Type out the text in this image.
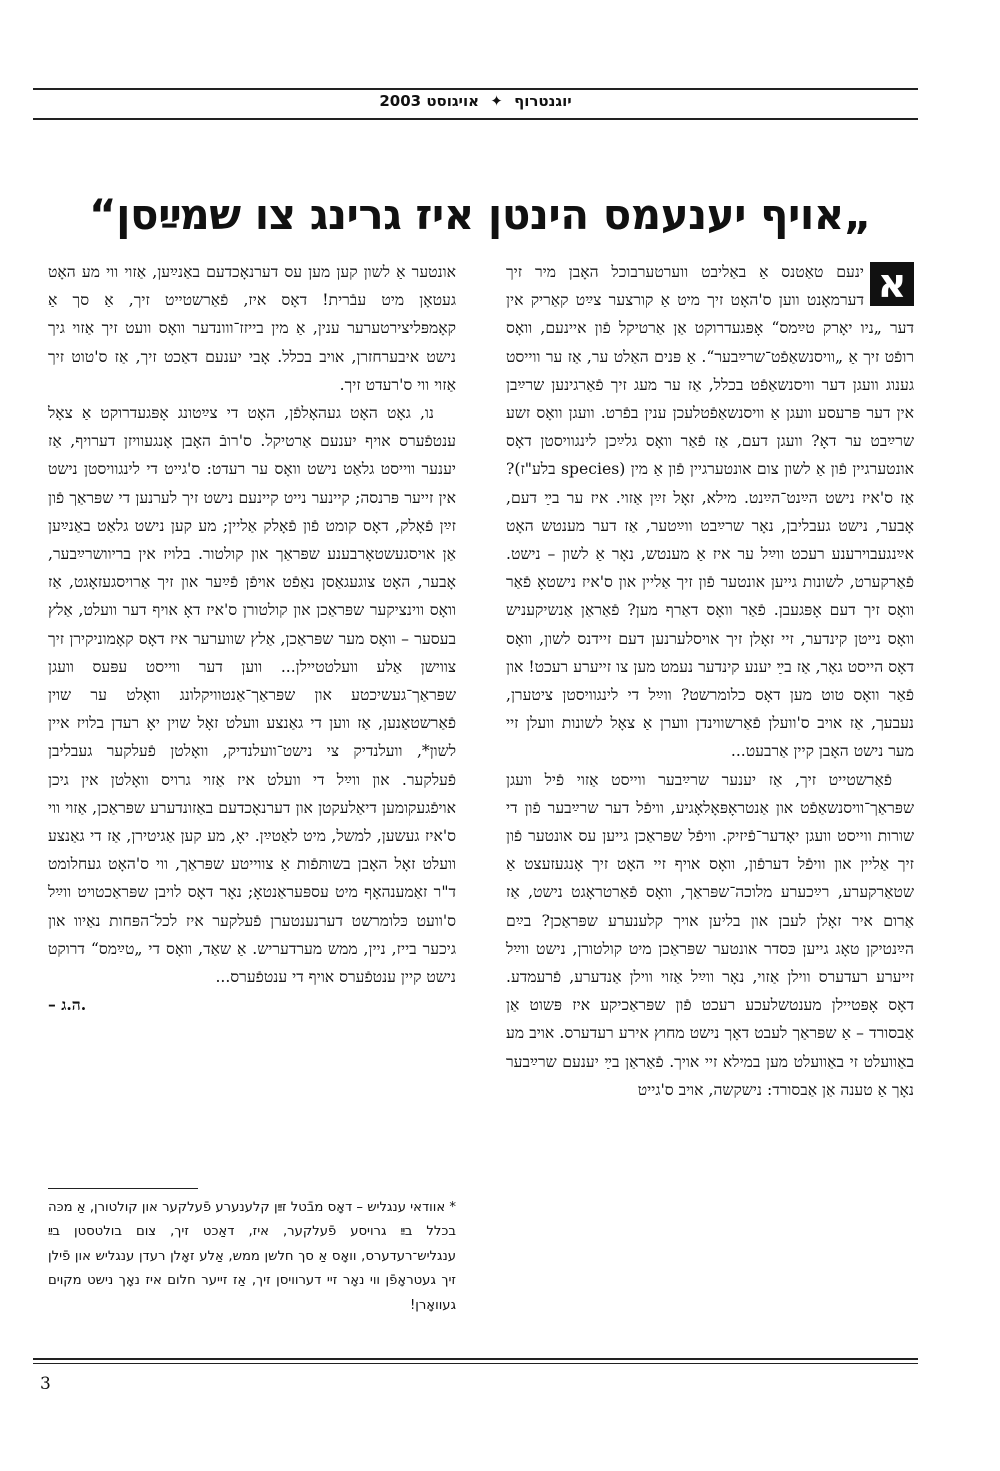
יוגנטרוף ✦ אויגוסט 2003
„אויף יענעמס הינטן איז גרינג צו שמײַסן“

א
ינעם טאַטנס אַ באַליבט ווערטערבוכל האָבן מיר זיך דערמאָנט ווען ס'האָט זיך מיט אַ קורצער צײַט קאַריק אין דער „ניו יאָרק טײַמס“ אָפּגעדרוקט אַן אַרטיקל פֿון איינעם, וואָס רופֿט זיך אַ „וויסנשאַפֿט־שרײַבער“. אַ פּנים האַלט ער, אַז ער ווייסט גענוג וועגן דער וויסנשאַפֿט בכלל, אַז ער מעג זיך פֿאַרגינען שרײַבן אין דער פּרעסע וועגן אַ וויסנשאַפֿטלעכן ענין בפֿרט. וועגן וואָס זשע שרײַבט ער דאָ? וועגן דעם, אַז פֿאַר וואָס גלײַכן לינגוויסטן דאָס אונטערגיין פֿון אַ לשון צום אונטערגיין פֿון אַ מין (species בלע"ז)? אַז ס'איז נישט הײַנט־הײַנט. מילא, זאָל זײַן אַזוי. איז ער בײַ דעם, אָבער, נישט געבליבן, נאָר שרײַבט ווײַטער, אַז דער מענטש האָט אײַנגעבוירענע רעכט ווײַל ער איז אַ מענטש, נאָר אַ לשון – נישט. פֿאַרקערט, לשונות גייען אונטער פֿון זיך אַליין און ס'איז נישטאָ פֿאַר וואָס זיך דעם אָפּגעבן. פֿאַר וואָס דאַרף מען? פֿאַראַן אַנשיקעניש וואָס נייטן קינדער, זיי זאָלן זיך אויסלערנען דעם זיידנס לשון, וואָס דאָס הייסט גאָר, אַז בײַ יענע קינדער נעמט מען צו זייערע רעכט! און פֿאַר וואָס טוט מען דאָס כלומרשט? ווײַל די לינגוויסטן ציטערן, נעבעך, אַז אויב ס'וועלן פֿאַרשווינדן ווערן אַ צאָל לשונות וועלן זיי מער נישט האָבן קיין אַרבעט...

פֿאַרשטייט זיך, אַז יענער שרײַבער ווייסט אַזוי פֿיל וועגן שפּראַך־וויסנשאַפֿט און אַנטראָפּאָלאָגיע, וויפֿל דער שרײַבער פֿון די שורות ווייסט וועגן יאָדער־פֿיזיק. וויפֿל שפּראַכן גייען עס אונטער פֿון זיך אַליין און וויפֿל דערפֿון, וואָס אויף זיי האָט זיך אָנגעזעצט אַ שטאַרקערע, רײַכערע מלוכה־שפּראַך, וואָס פֿאַרטראָגט נישט, אַז אַרום איר זאָלן לעבן און בליען אויך קלענערע שפּראַכן? בײַם הײַנטיקן טאָג גייען כּסדר אונטער שפּראַכן מיט קולטורן, נישט ווײַל זייערע רעדערס ווילן אַזוי, נאָר ווײַל אַזוי ווילן אַנדערע, פֿרעמדע. דאָס אָפּטיילן מענטשלעכע רעכט פֿון שפּראַכיקע איז פּשוט אַן אַבסורד – אַ שפּראַך לעבט דאָך נישט מחוץ אירע רעדערס. אויב מע באַוועלט זי באַוועלט מען במילא זיי אויך. פֿאַראַן בײַ יענעם שרײַבער נאָך אַ טענה אַן אַבסורד: נישקשה, אויב ס'גייט

אונטער אַ לשון קען מען עס דערנאָכדעם באַנײַען, אַזוי ווי מע האָט געטאָן מיט עבֿרית! דאָס איז, פֿאַרשטייט זיך, אַ סך אַ קאָמפּליצירטערער ענין, אַ מין בייזז־ווונדער וואָס וועט זיך אַזוי גיך נישט איבערחזרן, אויב בכלל. אָבי יענעם דאַכט זיך, אַז ס'טוט זיך אַזוי ווי ס'רעדט זיך.

נו, גאָט האָט געהאָלפֿן, האָט די צײַטונג אָפּגעדרוקט אַ צאָל ענטפֿערס אויף יענעם אַרטיקל. ס'רובֿ האָבן אָנגעוויזן דערויף, אַז יענער ווייסט גלאַט נישט וואָס ער רעדט: ס'גייט די לינגוויסטן נישט אין זייער פּרנסה; קיינער נייט קיינעם נישט זיך לערנען די שפּראַך פֿון זײַן פֿאָלק, דאָס קומט פֿון פֿאָלק אַליין; מע קען נישט גלאַט באַנײַען אַן אויסגעשטאָרבענע שפּראַך און קולטור. בלויז אין בריוושרײַבער, אָבער, האָט צוגעגאַסן נאַפֿט אויפֿן פֿײַער און זיך אַרויסגעזאָגט, אַז וואָס ווינציקער שפּראַכן און קולטורן ס'איז דאָ אויף דער וועלט, אַלץ בעסער – וואָס מער שפּראַכן, אַלץ שווערער איז דאָס קאָמוניקירן זיך צווישן אַלע וועלטטיילן... ווען דער ווייסט עפּעס וועגן שפּראַך־געשיכטע און שפּראַך־אַנטוויקלונג וואָלט ער שוין פֿאַרשטאַנען, אַז ווען די גאַנצע וועלט זאָל שוין יאָ רעדן בלויז איין לשון*, וועלנדיק צי נישט־וועלנדיק, וואָלטן פֿעלקער געבליבן פֿעלקער. און ווײַל די וועלט איז אַזוי גרויס וואָלטן אין גיכן אויפֿגעקומען דיאַלעקטן און דערנאָכדעם באַזונדערע שפּראַכן, אַזוי ווי ס'איז געשען, למשל, מיט לאַטײַן. יאָ, מע קען אַגיטירן, אַז די גאַנצע וועלט זאָל האָבן בשותּפֿות אַ צווייטע שפּראַך, ווי ס'האָט געחלומט ד"ר זאַמענהאָף מיט עספּעראַנטאָ; נאָר דאָס לויבן שפּראַכטויט ווײַל ס'וועט כּלומרשט דערנענטערן פֿעלקער איז לכל־הפּחות נאַיוו און גיכער בייז, ניין, ממש מערדעריש. אַ שאַד, וואָס די „טײַמס“ דרוקט נישט קיין ענטפֿערס אויף די ענטפֿערס...

– ה.ג.
* אוודאי ענגליש – דאָס מבֿטל זײַן קלענערע פֿעלקער און קולטורן, אַ מכּה בכלל בײַ גרויסע פֿעלקער, איז, דאַכט זיך, צום בולטסטן בײַ ענגליש־רעדערס, וואָס אַ סך חלשן ממש, אַלע זאָלן רעדן ענגליש און פֿילן זיך געטראָפֿן ווי נאָר זיי דערוויסן זיך, אַז זייער חלום איז נאָך נישט מקוים געוואָרן!
3
